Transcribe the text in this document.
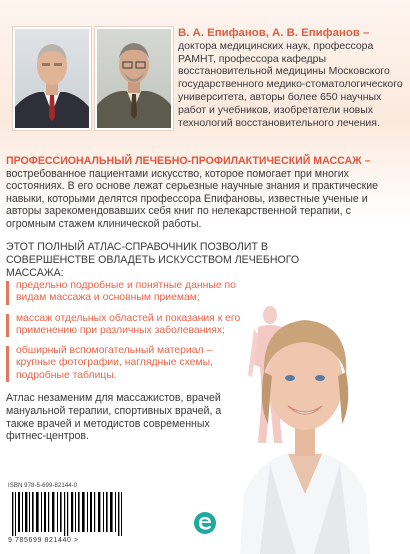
В. А. Епифанов, А. В. Епифанов – доктора медицинских наук, профессора РАМНТ, профессора кафедры восстановительной медицины Московского государственного медико-стоматологического университета, авторы более 650 научных работ и учебников, изобретатели новых технологий восстановительного лечения.
ПРОФЕССИОНАЛЬНЫЙ ЛЕЧЕБНО-ПРОФИЛАКТИЧЕСКИЙ МАССАЖ – востребованное пациентами искусство, которое помогает при многих состояниях. В его основе лежат серьезные научные знания и практические навыки, которыми делятся профессора Епифановы, известные ученые и авторы зарекомендовавших себя книг по нелекарственной терапии, с огромным стажем клинической работы.
ЭТОТ ПОЛНЫЙ АТЛАС-СПРАВОЧНИК ПОЗВОЛИТ В СОВЕРШЕНСТВЕ ОВЛАДЕТЬ ИСКУССТВОМ ЛЕЧЕБНОГО МАССАЖА:
предельно подробные и понятные данные по видам массажа и основным приемам;
массаж отдельных областей и показания к его применению при различных заболеваниях;
обширный вспомогательный материал – крупные фотографии, наглядные схемы, подробные таблицы.
Атлас незаменим для массажистов, врачей мануальной терапии, спортивных врачей, а также врачей и методистов современных фитнес-центров.
ISBN 978-5-699-82144-0
9 785699 821440 >
